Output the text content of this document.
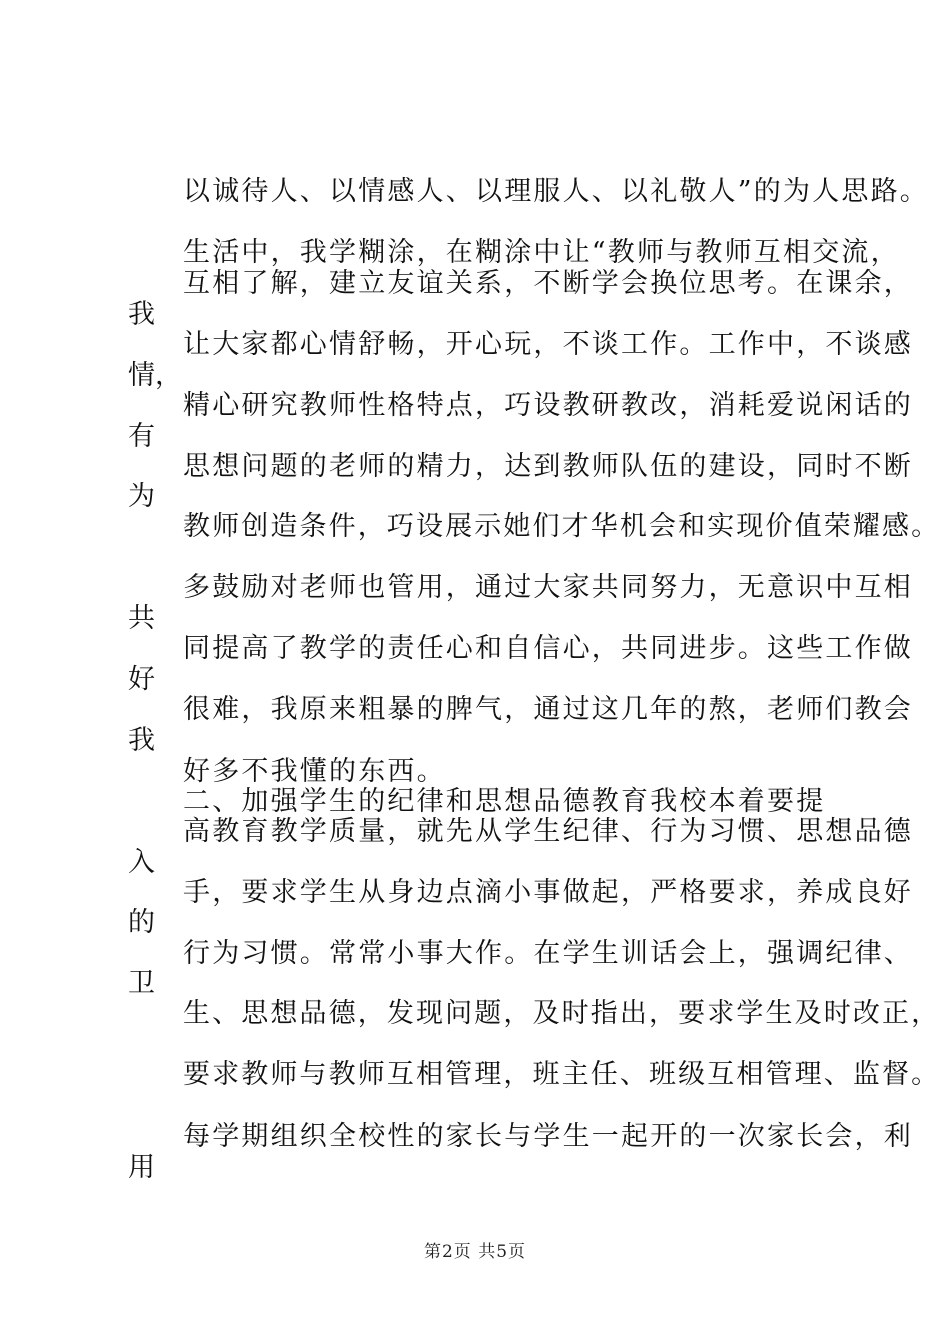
以诚待人、以情感人、以理服人、以礼敬人”的为人思路。
生活中，我学糊涂，在糊涂中让“教师与教师互相交流，
互相了解，建立友谊关系，不断学会换位思考。在课余，
让大家都心情舒畅，开心玩，不谈工作。工作中，不谈感
精心研究教师性格特点，巧设教研教改，消耗爱说闲话的
思想问题的老师的精力，达到教师队伍的建设，同时不断
教师创造条件，巧设展示她们才华机会和实现价值荣耀感。
多鼓励对老师也管用，通过大家共同努力，无意识中互相
同提高了教学的责任心和自信心，共同进步。这些工作做
很难，我原来粗暴的脾气，通过这几年的熬，老师们教会
好多不我懂的东西。
二、加强学生的纪律和思想品德教育我校本着要提
高教育教学质量，就先从学生纪律、行为习惯、思想品德
手，要求学生从身边点滴小事做起，严格要求，养成良好
行为习惯。常常小事大作。在学生训话会上，强调纪律、
生、思想品德，发现问题，及时指出，要求学生及时改正，
要求教师与教师互相管理，班主任、班级互相管理、监督。
每学期组织全校性的家长与学生一起开的一次家长会，利
我
情，
有
为
共
好
我
入
的
卫
用
第2页 共5页
